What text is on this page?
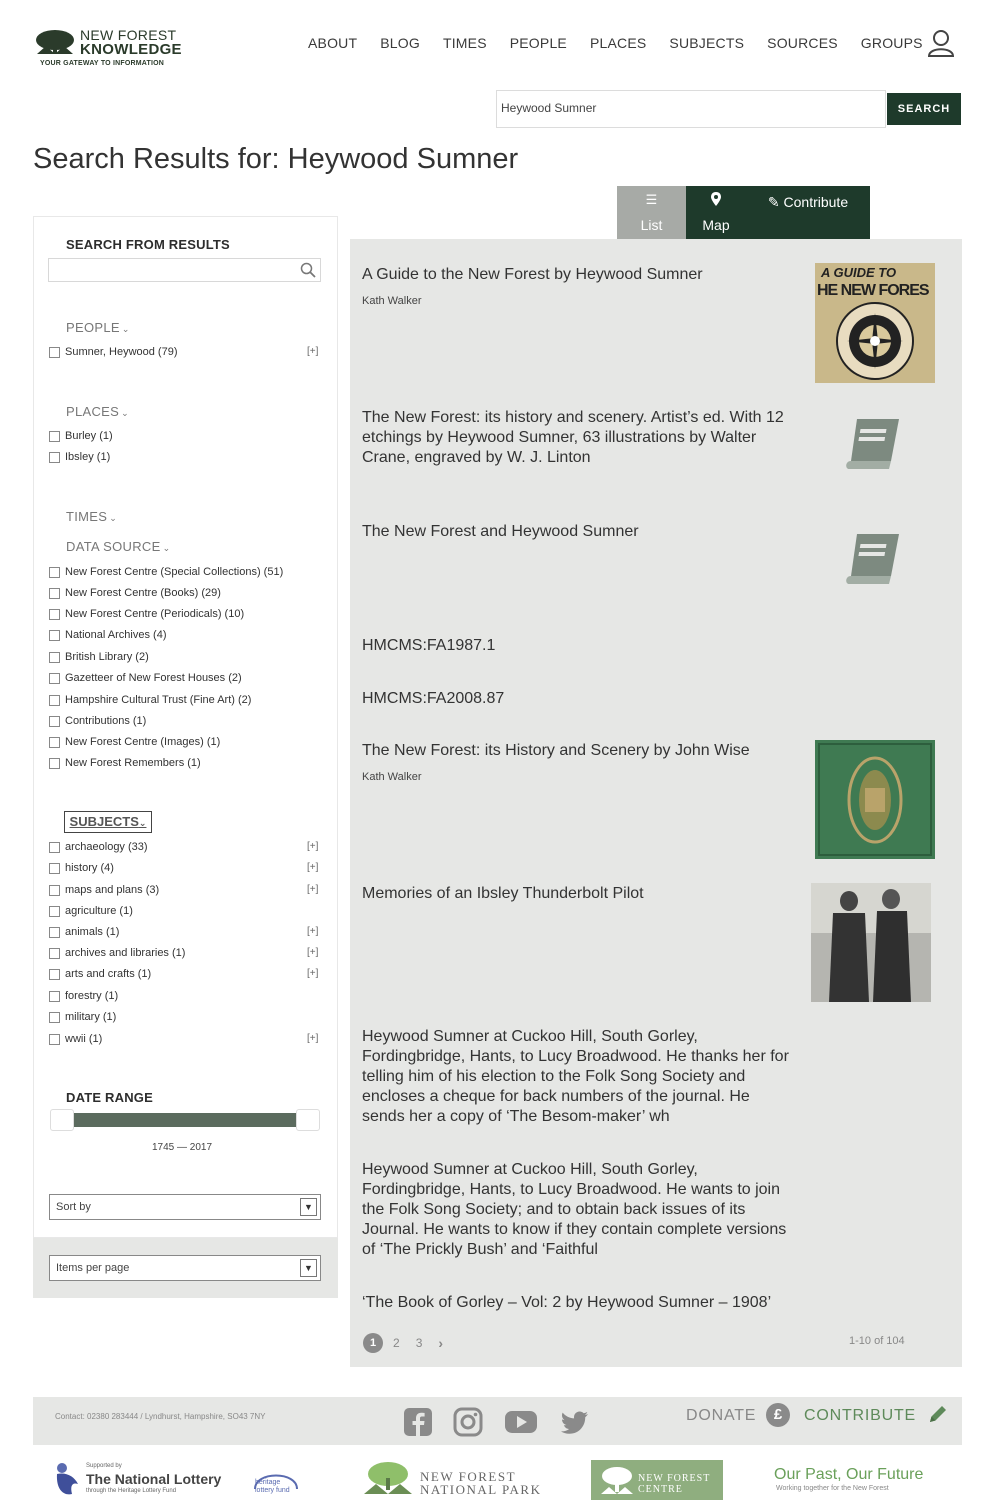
NEW FOREST
KNOWLEDGE
YOUR GATEWAY TO INFORMATION
ABOUT BLOG TIMES PEOPLE PLACES SUBJECTS SOURCES GROUPS
Heywood Sumner	SEARCH
Search Results for: Heywood Sumner
☰
List	Map
✎ Contribute
SEARCH FROM RESULTS
PEOPLE ⌄
Sumner, Heywood (79)	[+]
PLACES ⌄
Burley (1)
Ibsley (1)
TIMES ⌄
DATA SOURCE ⌄
New Forest Centre (Special Collections) (51)
New Forest Centre (Books) (29)
New Forest Centre (Periodicals) (10)
National Archives (4)
British Library (2)
Gazetteer of New Forest Houses (2)
Hampshire Cultural Trust (Fine Art) (2)
Contributions (1)
New Forest Centre (Images) (1)
New Forest Remembers (1)
SUBJECTS⌄
archaeology (33)	[+]
history (4)	[+]
maps and plans (3)	[+]
agriculture (1)
animals (1)	[+]
archives and libraries (1)	[+]
arts and crafts (1)	[+]
forestry (1)
military (1)
wwii (1)	[+]
DATE RANGE
1745 — 2017
Sort by	▼
Items per page	▼
A Guide to the New Forest by Heywood Sumner
Kath Walker
A GUIDE TO
HE NEW FORES
The New Forest: its history and scenery. Artist’s ed. With 12 etchings by Heywood Sumner, 63 illustrations by Walter Crane, engraved by W. J. Linton
The New Forest and Heywood Sumner
HMCMS:FA1987.1
HMCMS:FA2008.87
The New Forest: its History and Scenery by John Wise
Kath Walker
Memories of an Ibsley Thunderbolt Pilot
Heywood Sumner at Cuckoo Hill, South Gorley, Fordingbridge, Hants, to Lucy Broadwood. He thanks her for telling him of his election to the Folk Song Society and encloses a cheque for back numbers of the journal. He sends her a copy of ‘The Besom-maker’ wh
Heywood Sumner at Cuckoo Hill, South Gorley, Fordingbridge, Hants, to Lucy Broadwood. He wants to join the Folk Song Society; and to obtain back issues of its Journal. He wants to know if they contain complete versions of ‘The Prickly Bush’ and ‘Faithful
‘The Book of Gorley – Vol: 2 by Heywood Sumner – 1908’
1	2 3 ›	1-10 of 104
Contact: 02380 283444 / Lyndhurst, Hampshire, SO43 7NY	DONATE	£	CONTRIBUTE
Supported by
The National Lottery
through the Heritage Lottery Fund
heritage lottery fund
NEW FOREST
NATIONAL PARK
NEW FOREST
CENTRE
Our Past, Our Future
Working together for the New Forest
